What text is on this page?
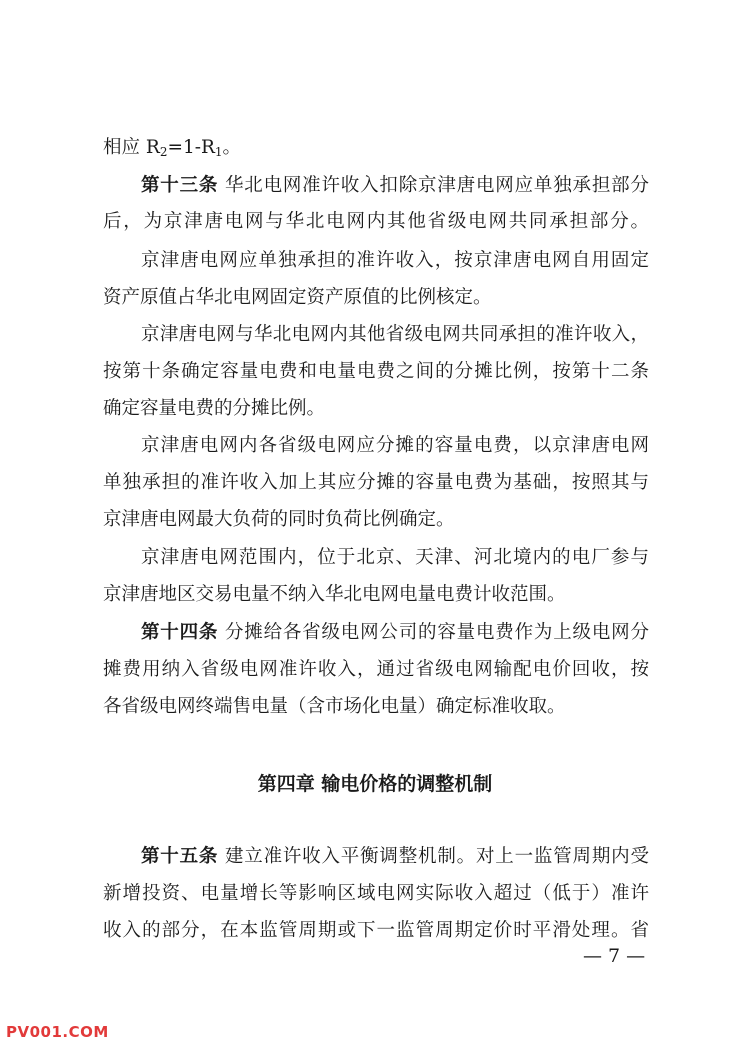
相应 $R_2=1-R_1$。
第十三条 华北电网准许收入扣除京津唐电网应单独承担部分
后，为京津唐电网与华北电网内其他省级电网共同承担部分。
京津唐电网应单独承担的准许收入，按京津唐电网自用固定
资产原值占华北电网固定资产原值的比例核定。
京津唐电网与华北电网内其他省级电网共同承担的准许收入，
按第十条确定容量电费和电量电费之间的分摊比例，按第十二条
确定容量电费的分摊比例。
京津唐电网内各省级电网应分摊的容量电费，以京津唐电网
单独承担的准许收入加上其应分摊的容量电费为基础，按照其与
京津唐电网最大负荷的同时负荷比例确定。
京津唐电网范围内，位于北京、天津、河北境内的电厂参与
京津唐地区交易电量不纳入华北电网电量电费计收范围。
第十四条 分摊给各省级电网公司的容量电费作为上级电网分
摊费用纳入省级电网准许收入，通过省级电网输配电价回收，按
各省级电网终端售电量（含市场化电量）确定标准收取。
第四章 输电价格的调整机制
第十五条 建立准许收入平衡调整机制。对上一监管周期内受
新增投资、电量增长等影响区域电网实际收入超过（低于）准许
收入的部分，在本监管周期或下一监管周期定价时平滑处理。省
— 7 —
PV001.COM
